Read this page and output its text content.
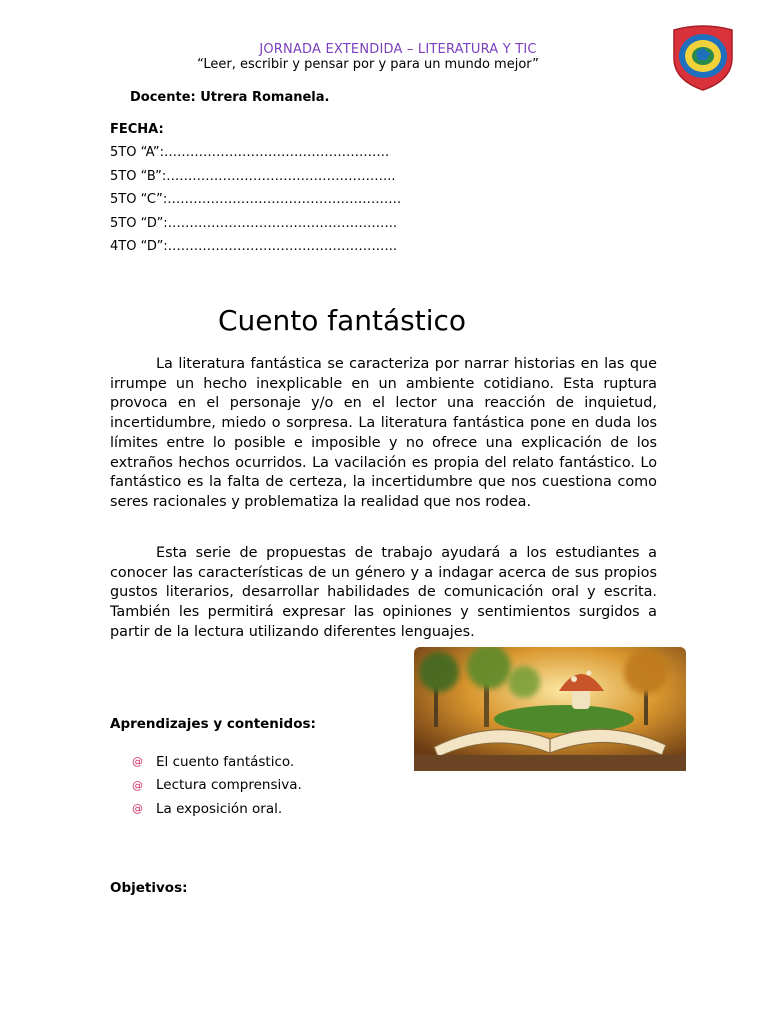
JORNADA EXTENDIDA – LITERATURA Y TIC
“Leer, escribir y pensar por y para un mundo mejor”
Docente: Utrera Romanela.
FECHA:
5TO “A”:…………………………………………….
5TO “B”:……………………………………………..
5TO “C”:………………………………………………
5TO “D”:……………………………………………..
4TO “D”:……………………………………………..
Cuento fantástico

La literatura fantástica se caracteriza por narrar historias en las que irrumpe un hecho inexplicable en un ambiente cotidiano. Esta ruptura provoca en el personaje y/o en el lector una reacción de inquietud, incertidumbre, miedo o sorpresa. La literatura fantástica pone en duda los límites entre lo posible e imposible y no ofrece una explicación de los extraños hechos ocurridos. La vacilación es propia del relato fantástico. Lo fantástico es la falta de certeza, la incertidumbre que nos cuestiona como seres racionales y problematiza la realidad que nos rodea.

Esta serie de propuestas de trabajo ayudará a los estudiantes a conocer las características de un género y a indagar acerca de sus propios gustos literarios, desarrollar habilidades de comunicación oral y escrita. También les permitirá expresar las opiniones y sentimientos surgidos a partir de la lectura utilizando diferentes lenguajes.

Aprendizajes y contenidos:
@ El cuento fantástico.
@ Lectura comprensiva.
@ La exposición oral.
Objetivos:
